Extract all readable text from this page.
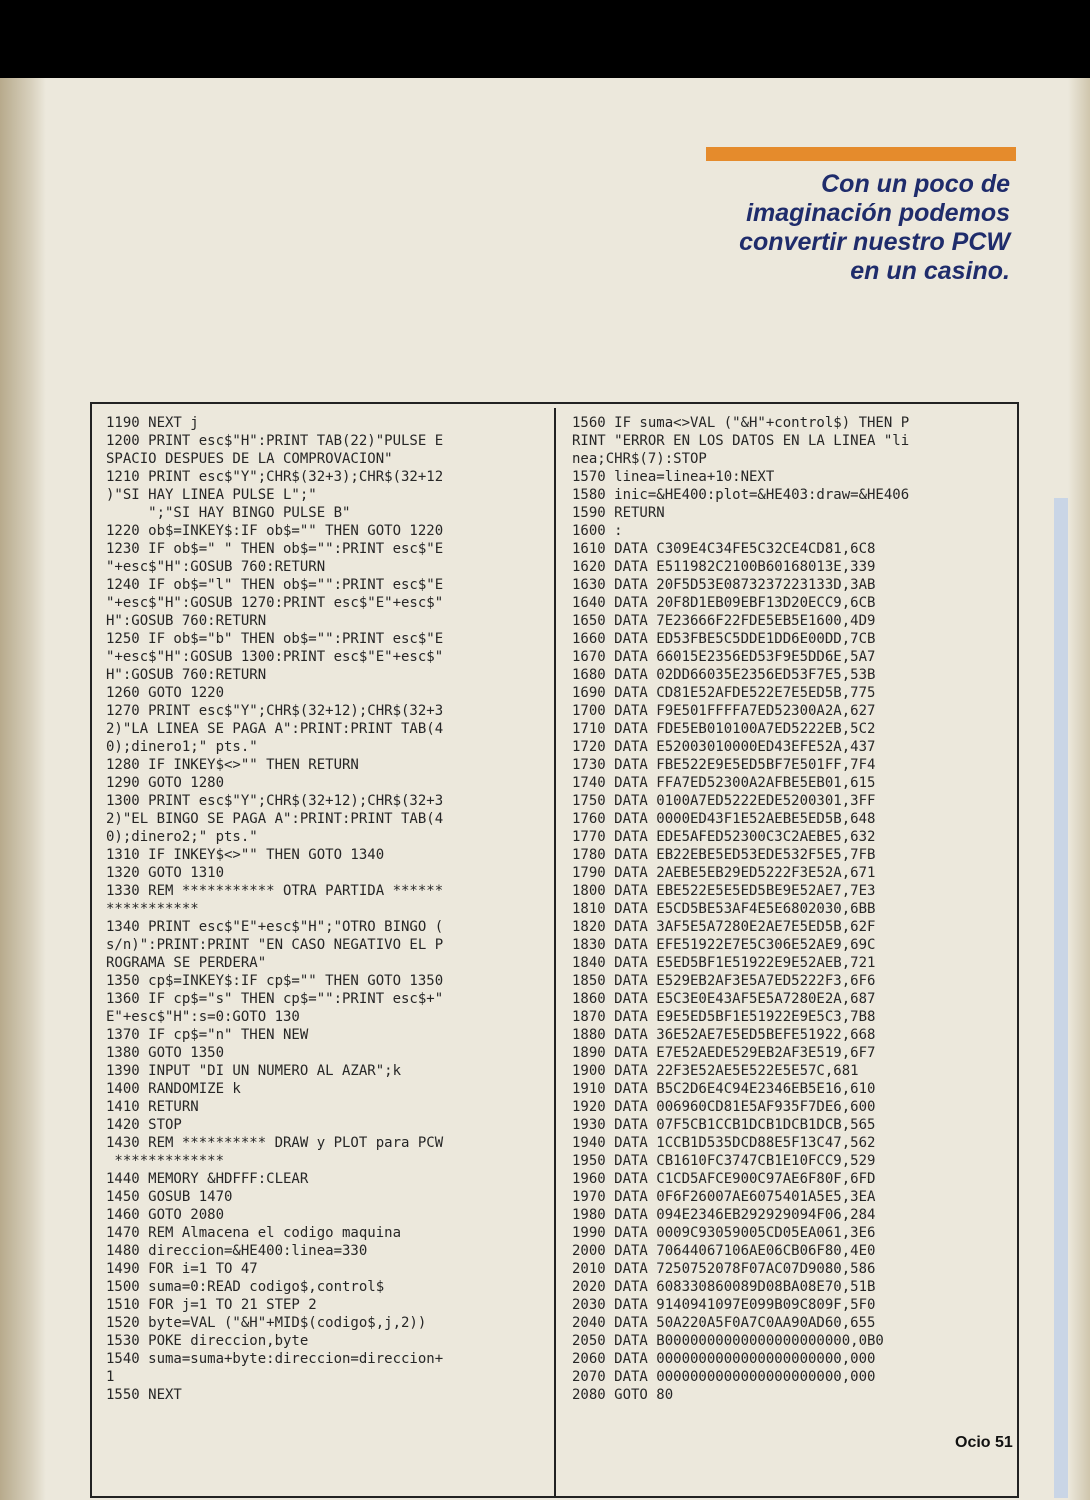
Con un poco de
imaginación podemos
convertir nuestro PCW
en un casino.
1190 NEXT j
1200 PRINT esc$"H":PRINT TAB(22)"PULSE E
SPACIO DESPUES DE LA COMPROVACION"
1210 PRINT esc$"Y";CHR$(32+3);CHR$(32+12
)"SI HAY LINEA PULSE L";"
";"SI HAY BINGO PULSE B"
1220 ob$=INKEY$:IF ob$="" THEN GOTO 1220
1230 IF ob$=" " THEN ob$="":PRINT esc$"E
"+esc$"H":GOSUB 760:RETURN
1240 IF ob$="l" THEN ob$="":PRINT esc$"E
"+esc$"H":GOSUB 1270:PRINT esc$"E"+esc$"
H":GOSUB 760:RETURN
1250 IF ob$="b" THEN ob$="":PRINT esc$"E
"+esc$"H":GOSUB 1300:PRINT esc$"E"+esc$"
H":GOSUB 760:RETURN
1260 GOTO 1220
1270 PRINT esc$"Y";CHR$(32+12);CHR$(32+3
2)"LA LINEA SE PAGA A":PRINT:PRINT TAB(4
0);dinero1;" pts."
1280 IF INKEY$<>"" THEN RETURN
1290 GOTO 1280
1300 PRINT esc$"Y";CHR$(32+12);CHR$(32+3
2)"EL BINGO SE PAGA A":PRINT:PRINT TAB(4
0);dinero2;" pts."
1310 IF INKEY$<>"" THEN GOTO 1340
1320 GOTO 1310
1330 REM *********** OTRA PARTIDA ******
***********
1340 PRINT esc$"E"+esc$"H";"OTRO BINGO (
s/n)":PRINT:PRINT "EN CASO NEGATIVO EL P
ROGRAMA SE PERDERA"
1350 cp$=INKEY$:IF cp$="" THEN GOTO 1350
1360 IF cp$="s" THEN cp$="":PRINT esc$+"
E"+esc$"H":s=0:GOTO 130
1370 IF cp$="n" THEN NEW
1380 GOTO 1350
1390 INPUT "DI UN NUMERO AL AZAR";k
1400 RANDOMIZE k
1410 RETURN
1420 STOP
1430 REM ********** DRAW y PLOT para PCW
*************
1440 MEMORY &HDFFF:CLEAR
1450 GOSUB 1470
1460 GOTO 2080
1470 REM Almacena el codigo maquina
1480 direccion=&HE400:linea=330
1490 FOR i=1 TO 47
1500 suma=0:READ codigo$,control$
1510 FOR j=1 TO 21 STEP 2
1520 byte=VAL ("&H"+MID$(codigo$,j,2))
1530 POKE direccion,byte
1540 suma=suma+byte:direccion=direccion+
1
1550 NEXT
1560 IF suma<>VAL ("&H"+control$) THEN P
RINT "ERROR EN LOS DATOS EN LA LINEA "li
nea;CHR$(7):STOP
1570 linea=linea+10:NEXT
1580 inic=&HE400:plot=&HE403:draw=&HE406
1590 RETURN
1600 :
1610 DATA C309E4C34FE5C32CE4CD81,6C8
1620 DATA E511982C2100B60168013E,339
1630 DATA 20F5D53E0873237223133D,3AB
1640 DATA 20F8D1EB09EBF13D20ECC9,6CB
1650 DATA 7E23666F22FDE5EB5E1600,4D9
1660 DATA ED53FBE5C5DDE1DD6E00DD,7CB
1670 DATA 66015E2356ED53F9E5DD6E,5A7
1680 DATA 02DD66035E2356ED53F7E5,53B
1690 DATA CD81E52AFDE522E7E5ED5B,775
1700 DATA F9E501FFFFA7ED52300A2A,627
1710 DATA FDE5EB010100A7ED5222EB,5C2
1720 DATA E52003010000ED43EFE52A,437
1730 DATA FBE522E9E5ED5BF7E501FF,7F4
1740 DATA FFA7ED52300A2AFBE5EB01,615
1750 DATA 0100A7ED5222EDE5200301,3FF
1760 DATA 0000ED43F1E52AEBE5ED5B,648
1770 DATA EDE5AFED52300C3C2AEBE5,632
1780 DATA EB22EBE5ED53EDE532F5E5,7FB
1790 DATA 2AEBE5EB29ED5222F3E52A,671
1800 DATA EBE522E5E5ED5BE9E52AE7,7E3
1810 DATA E5CD5BE53AF4E5E6802030,6BB
1820 DATA 3AF5E5A7280E2AE7E5ED5B,62F
1830 DATA EFE51922E7E5C306E52AE9,69C
1840 DATA E5ED5BF1E51922E9E52AEB,721
1850 DATA E529EB2AF3E5A7ED5222F3,6F6
1860 DATA E5C3E0E43AF5E5A7280E2A,687
1870 DATA E9E5ED5BF1E51922E9E5C3,7B8
1880 DATA 36E52AE7E5ED5BEFE51922,668
1890 DATA E7E52AEDE529EB2AF3E519,6F7
1900 DATA 22F3E52AE5E522E5E57C,681
1910 DATA B5C2D6E4C94E2346EB5E16,610
1920 DATA 006960CD81E5AF935F7DE6,600
1930 DATA 07F5CB1CCB1DCB1DCB1DCB,565
1940 DATA 1CCB1D535DCD88E5F13C47,562
1950 DATA CB1610FC3747CB1E10FCC9,529
1960 DATA C1CD5AFCE900C97AE6F80F,6FD
1970 DATA 0F6F26007AE6075401A5E5,3EA
1980 DATA 094E2346EB292929094F06,284
1990 DATA 0009C93059005CD05EA061,3E6
2000 DATA 70644067106AE06CB06F80,4E0
2010 DATA 7250752078F07AC07D9080,586
2020 DATA 608330860089D08BA08E70,51B
2030 DATA 9140941097E099B09C809F,5F0
2040 DATA 50A220A5F0A7C0AA90AD60,655
2050 DATA B0000000000000000000000,0B0
2060 DATA 0000000000000000000000,000
2070 DATA 0000000000000000000000,000
2080 GOTO 80

Ocio 51
